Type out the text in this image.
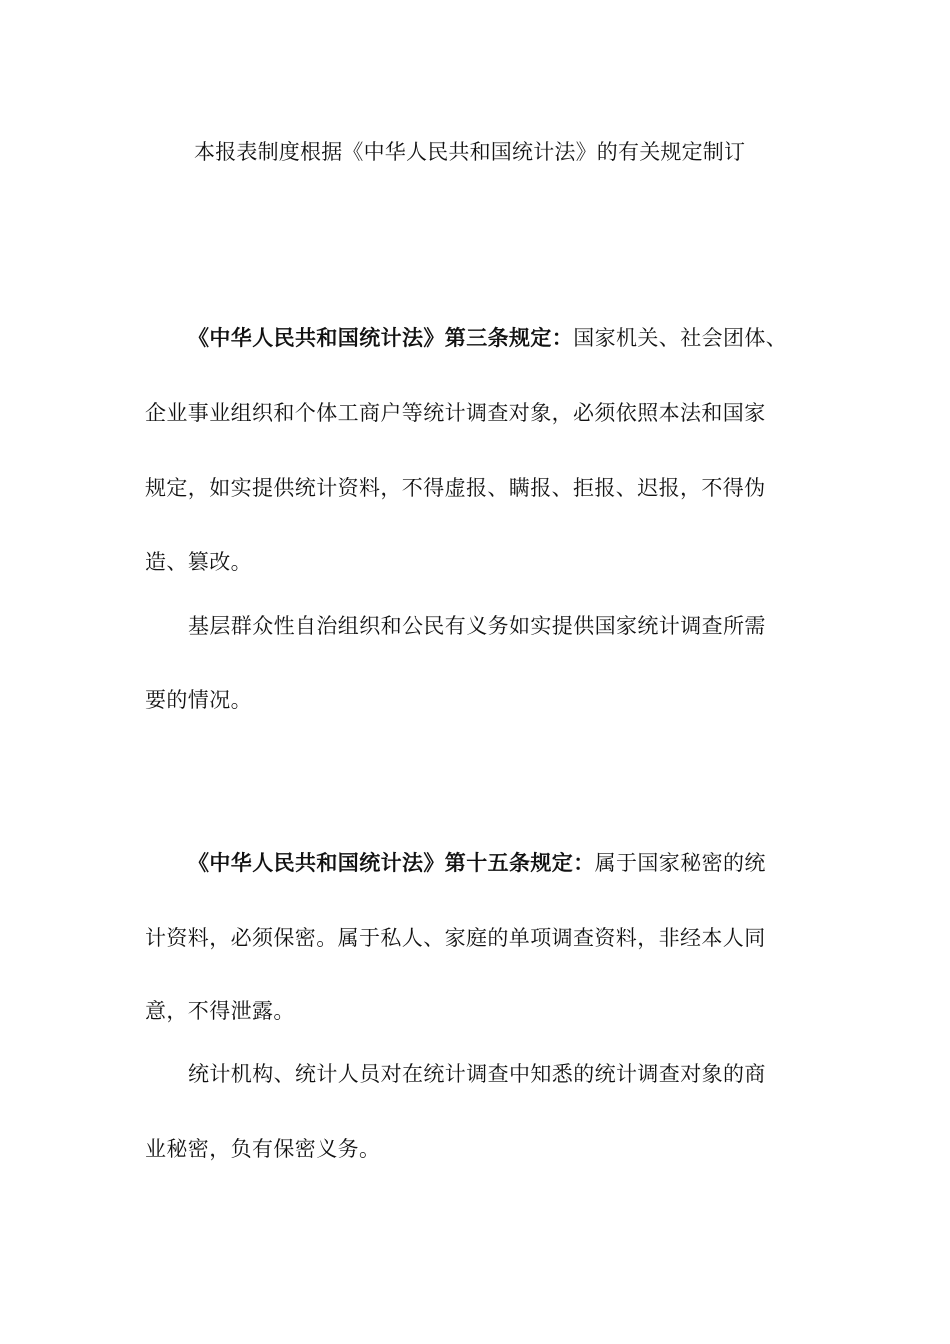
本报表制度根据《中华人民共和国统计法》的有关规定制订
《中华人民共和国统计法》第三条规定：国家机关、社会团体、
企业事业组织和个体工商户等统计调查对象，必须依照本法和国家
规定，如实提供统计资料，不得虚报、瞒报、拒报、迟报，不得伪
造、篡改。
基层群众性自治组织和公民有义务如实提供国家统计调查所需
要的情况。
《中华人民共和国统计法》第十五条规定：属于国家秘密的统
计资料，必须保密。属于私人、家庭的单项调查资料，非经本人同
意，不得泄露。
统计机构、统计人员对在统计调查中知悉的统计调查对象的商
业秘密，负有保密义务。
